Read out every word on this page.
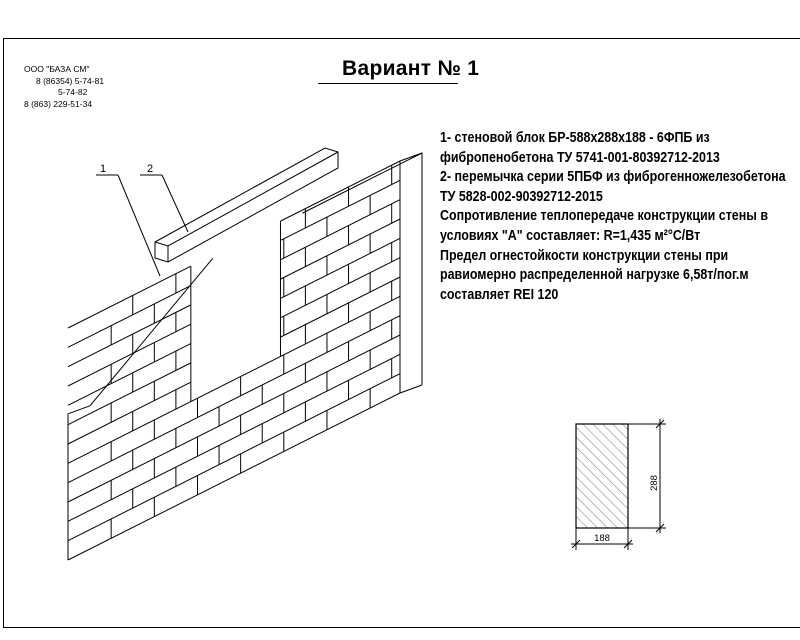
Вариант № 1
ООО "БАЗА СМ"
8 (86354) 5-74-81
5-74-82
8 (863) 229-51-34
1- стеновой блок БР-588х288х188 - 6ФПБ из
фибропенобетона ТУ 5741-001-80392712-2013
2- перемычка серии 5ПБФ из фиброгенножелезобетона
ТУ 5828-002-90392712-2015
Сопротивление теплопередаче конструкции стены в
условиях "А" составляет: R=1,435 м²°С/Вт
Предел огнестойкости конструкции стены при
равиомерно распределенной нагрузке 6,58т/пог.м
составляет REI 120
1	2
288
188
